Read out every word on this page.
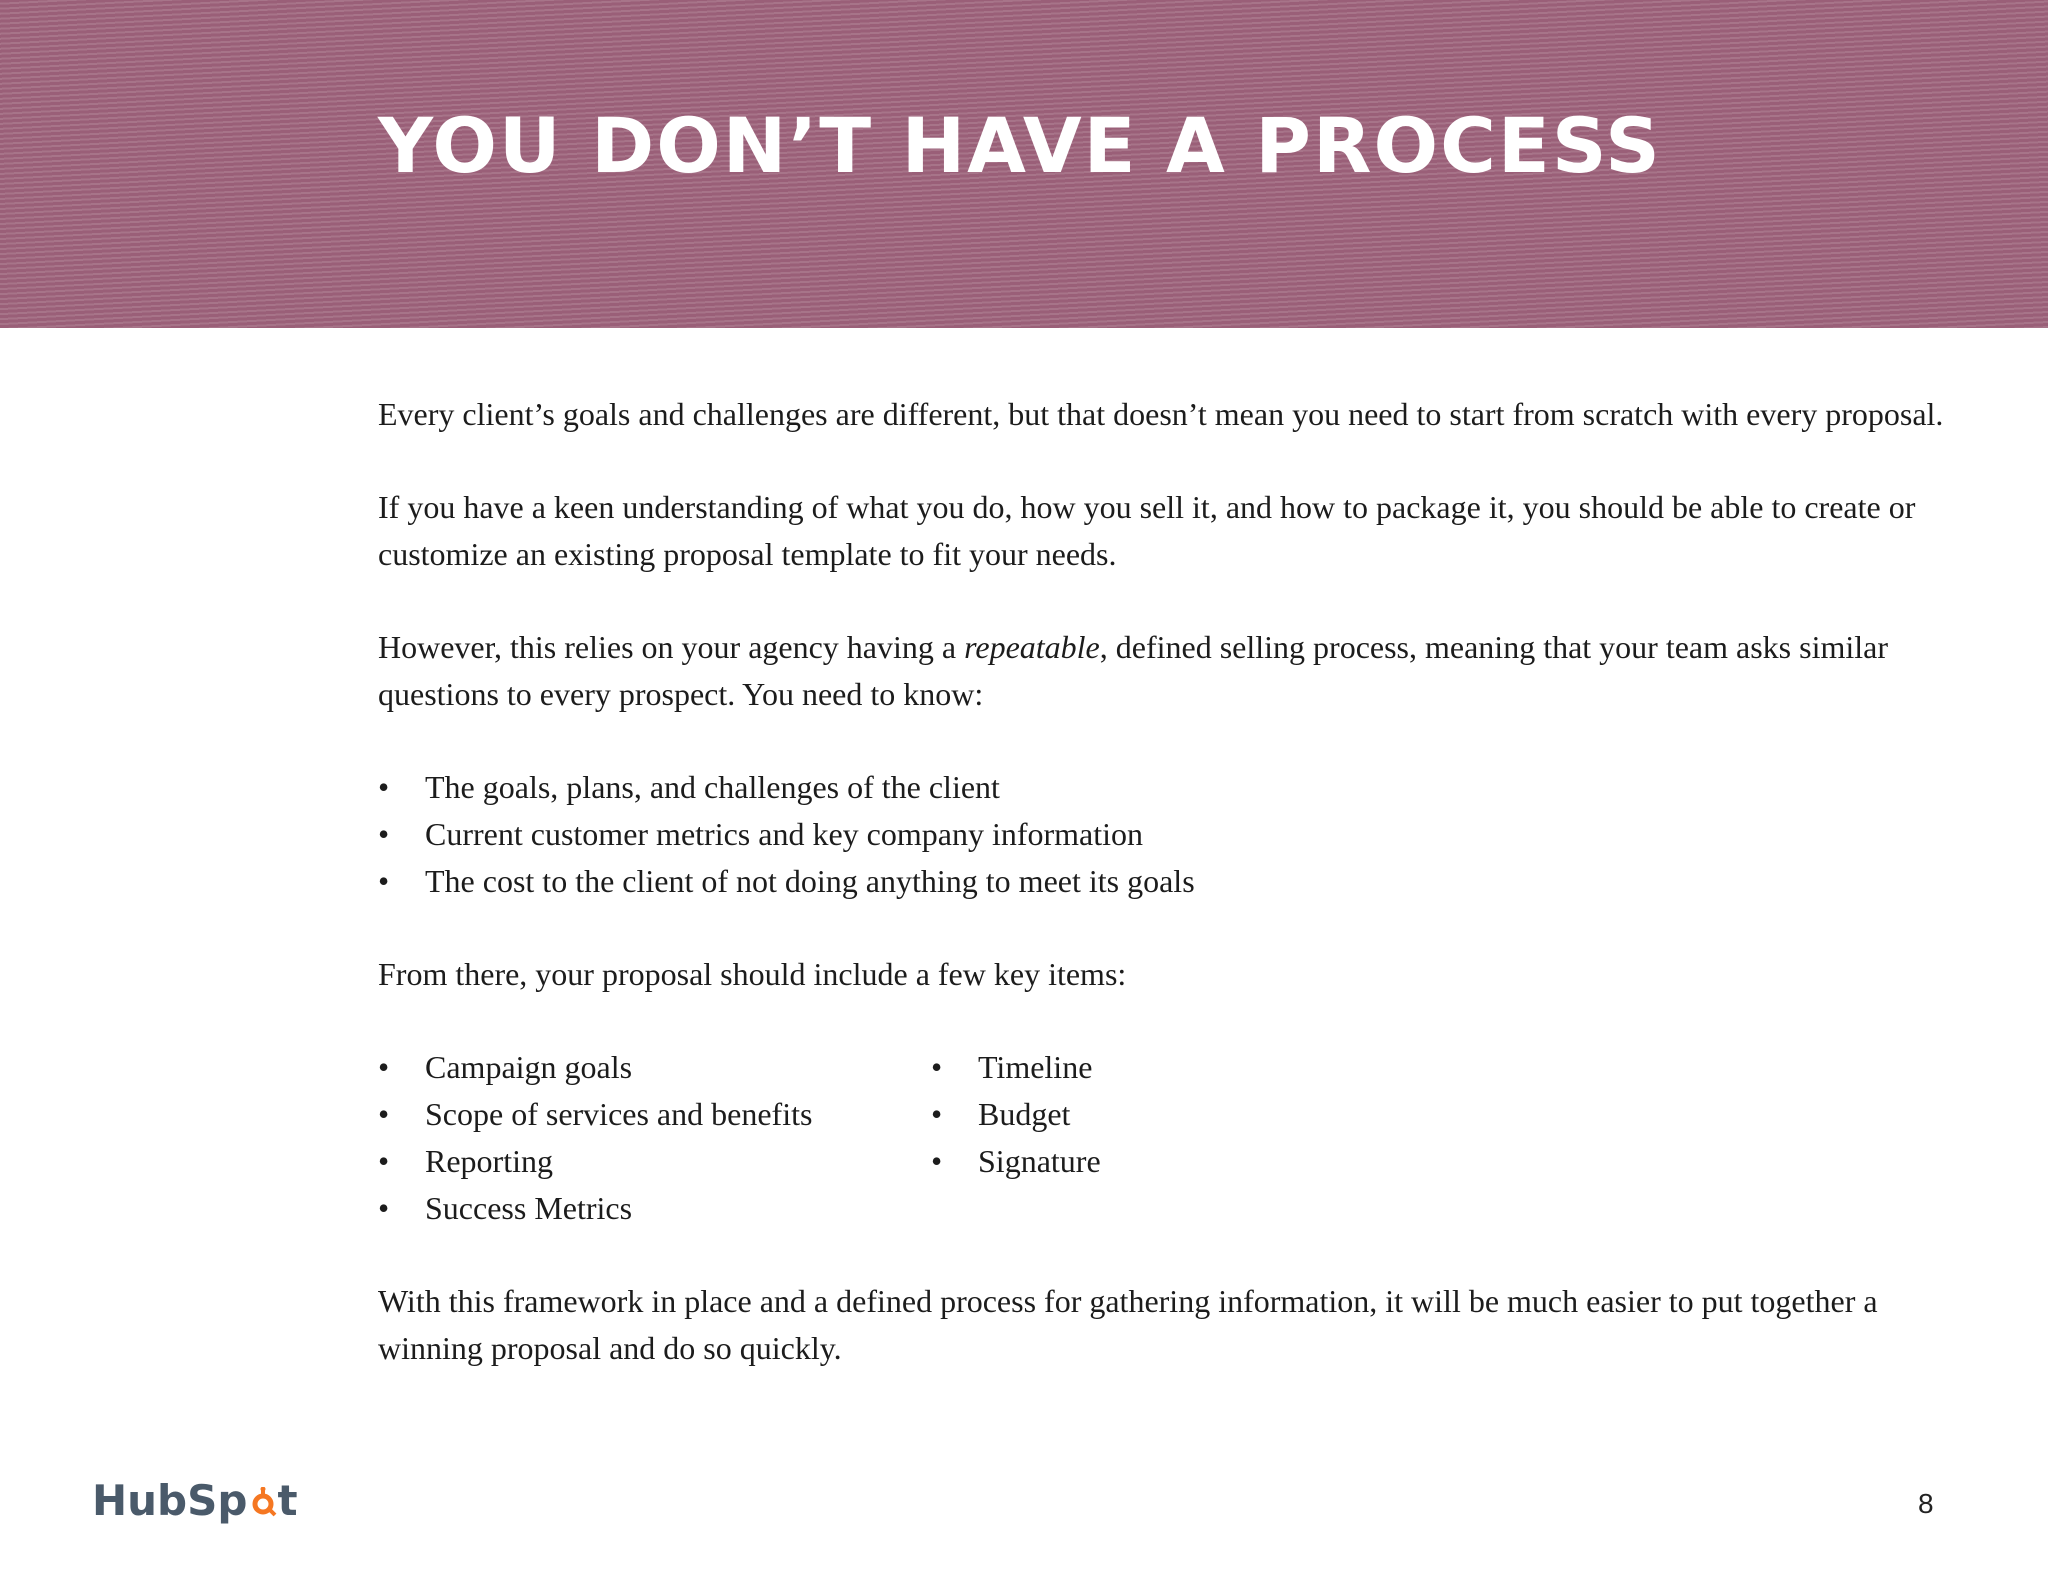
YOU DON’T HAVE A PROCESS

Every client’s goals and challenges are different, but that doesn’t mean you need to start from scratch with every proposal.

If you have a keen understanding of what you do, how you sell it, and how to package it, you should be able to create or customize an existing proposal template to fit your needs.

However, this relies on your agency having a repeatable, defined selling process, meaning that your team asks similar questions to every prospect. You need to know:

• The goals, plans, and challenges of the client
• Current customer metrics and key company information
• The cost to the client of not doing anything to meet its goals

From there, your proposal should include a few key items:

• Campaign goals
• Scope of services and benefits
• Reporting
• Success Metrics
• Timeline
• Budget
• Signature

With this framework in place and a defined process for gathering information, it will be much easier to put together a winning proposal and do so quickly.

HubSp t	8
